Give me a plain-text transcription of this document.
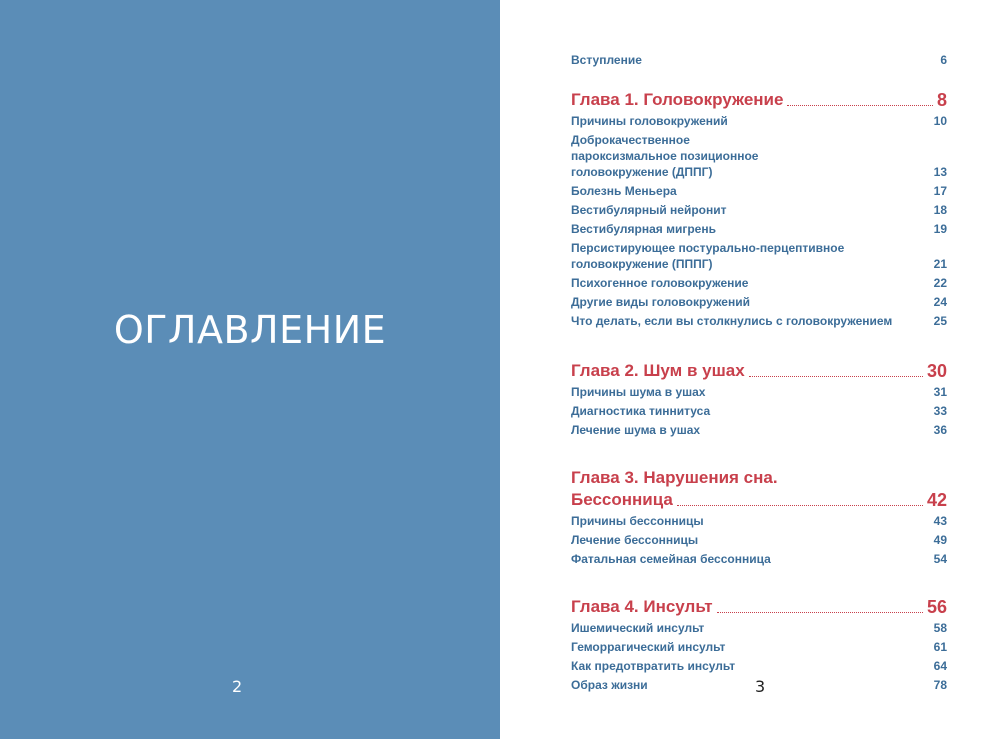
ОГЛАВЛЕНИЕ
2
Вступление	6
Глава 1. Головокружение	8
Причины головокружений	10
Доброкачественное пароксизмальное позиционное головокружение (ДППГ)	13
Болезнь Меньера	17
Вестибулярный нейронит	18
Вестибулярная мигрень	19
Персистирующее постурально-перцептивное головокружение (ПППГ)	21
Психогенное головокружение	22
Другие виды головокружений	24
Что делать, если вы столкнулись с головокружением	25
Глава 2. Шум в ушах	30
Причины шума в ушах	31
Диагностика тиннитуса	33
Лечение шума в ушах	36
Глава 3. Нарушения сна.
Бессонница	42
Причины бессонницы	43
Лечение бессонницы	49
Фатальная семейная бессонница	54
Глава 4. Инсульт	56
Ишемический инсульт	58
Геморрагический инсульт	61
Как предотвратить инсульт	64
Образ жизни	78
3
